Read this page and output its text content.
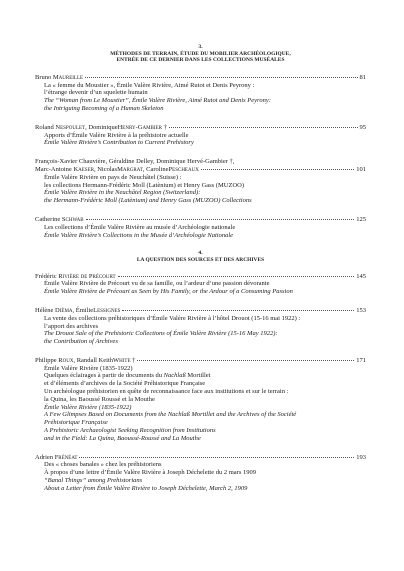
3.
MÉTHODES DE TERRAIN, ÉTUDE DU MOBILIER ARCHÉOLOGIQUE,
ENTRÉE DE CE DERNIER DANS LES COLLECTIONS MUSÉALES
Bruno Maureille	81
La « femme du Moustier », Émile Valère Rivière, Aimé Rutot et Denis Peyrony :
l’étrange devenir d’un squelette humain
The “Woman from Le Moustier”, Émile Valère Rivière, Aimé Rutot and Denis Peyrony:
the Intriguing Becoming of a Human Skeleton
Roland Nespoulet, DominiqueHenry-Gambier †	95
Apports d’Émile Valère Rivière à la préhistoire actuelle
Émile Valère Rivière’s Contribution to Current Prehistory
François-Xavier Chauvière, Géraldine Delley, Dominique Hervé-Gambier †,
Marc-Antoine Kaeser, NicolasMargrat, CarolinePescheaux	101
Émile Valère Rivière en pays de Neuchâtel (Suisse) :
les collections Hermann-Frédéric Moll (Latènium) et Henry Gass (MUZOO)
Émile Valère Rivière in the Neuchâtel Region (Switzerland):
the Hermann-Frédéric Moll (Latènium) and Henry Gass (MUZOO) Collections
Catherine Schwab	125
Les collections d’Émile Valère Rivière au musée d’Archéologie nationale
Émile Valère Rivière’s Collections in the Musée d’Archéologie Nationale
4.
LA QUESTION DES SOURCES ET DES ARCHIVES
Frédéric Rivière de Précourt	145
Émile Valère Rivière de Précourt vu de sa famille, ou l’ardeur d’une passion dévorante
Émile Valère Rivière de Précourt as Seen by His Family, or the Ardour of a Consuming Passion
Hélène Dièma, ÉmilieLessignes	153
La vente des collections préhistoriques d’Émile Valère Rivière à l’hôtel Drouot (15-16 mai 1922) :
l’apport des archives
The Drouot Sale of the Prehistoric Collections of Émile Valère Rivière (15-16 May 1922):
the Contribution of Archives
Philippe Roux, Randall KeithWhite †	171
Émile Valère Rivière (1835-1922)
Quelques éclairages à partir de documents du Nachlaß Mortillet
et d’éléments d’archives de la Société Préhistorique Française
Un archéologue préhistorien en quête de reconnaissance face aux institutions et sur le terrain :
la Quina, les Baoussé Roussé et la Mouthe
Émile Valère Rivière (1835-1922)
A Few Glimpses Based on Documents from the Nachlaß Mortillet and the Archives of the Société
Préhistorique Française
A Prehistoric Archaeologist Seeking Recognition from Institutions
and in the Field: La Quina, Baoussé-Roussé and La Mouthe
Adrien Frénéat	193
Des « choses banales » chez les préhistoriens
À propos d’une lettre d’Émile Valère Rivière à Joseph Déchelette du 2 mars 1909
“Banal Things” among Prehistorians
About a Letter from Émile Valère Rivière to Joseph Déchelette, March 2, 1909
